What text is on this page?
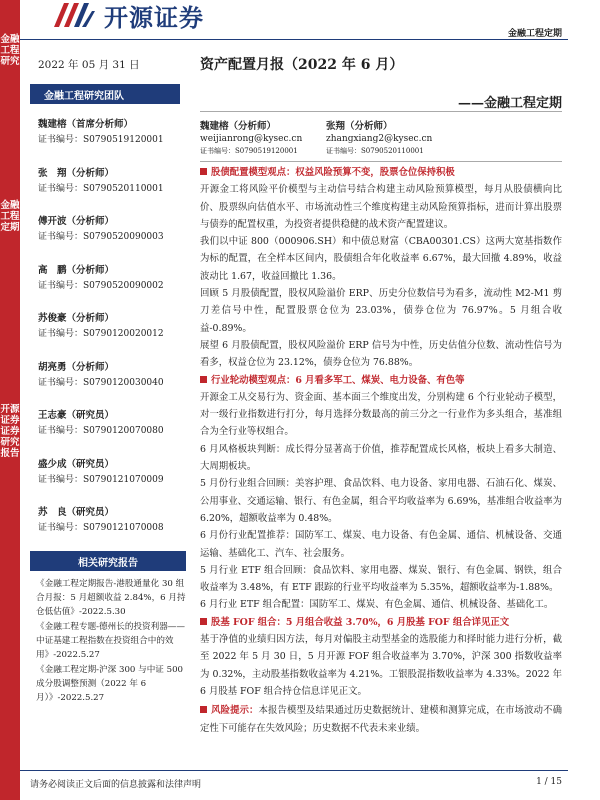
金融工程研究
金融工程定期
开源证券 证券研究报告
开源证券
金融工程定期
2022 年 05 月 31 日
金融工程研究团队
魏建榕（首席分析师）
证书编号：S0790519120001
张　翔（分析师）
证书编号：S0790520110001
傅开波（分析师）
证书编号：S0790520090003
高　鹏（分析师）
证书编号：S0790520090002
苏俊豪（分析师）
证书编号：S0790120020012
胡亮勇（分析师）
证书编号：S0790120030040
王志豪（研究员）
证书编号：S0790120070080
盛少成（研究员）
证书编号：S0790121070009
苏　良（研究员）
证书编号：S0790121070008
相关研究报告
《金融工程定期报告-港股通量化 30 组合月报：5 月超额收益 2.84%，6 月持仓低估值》-2022.5.30
《金融工程专题-德州长的投资利器——中证基建工程指数在投资组合中的效用》-2022.5.27
《金融工程定期-沪深 300 与中证 500 成分股调整预测（2022 年 6 月）》-2022.5.27
资产配置月报（2022 年 6 月）
——金融工程定期
魏建榕（分析师）
weijianrong@kysec.cn
证书编号：S0790519120001
张翔（分析师）
zhangxiang2@kysec.cn
证书编号：S0790520110001
股债配置模型观点：权益风险预算不变，股票仓位保持积极

开源金工将风险平价模型与主动信号结合构建主动风险预算模型，每月从股债横向比价、股票纵向估值水平、市场流动性三个维度构建主动风险预算指标，进而计算出股票与债券的配置权重，为投资者提供稳健的战术资产配置建议。

我们以中证 800（000906.SH）和中债总财富（CBA00301.CS）这两大宽基指数作为标的配置，在全样本区间内，股债组合年化收益率 6.67%，最大回撤 4.89%，收益波动比 1.67，收益回撤比 1.36。

回顾 5 月股债配置，股权风险溢价 ERP、历史分位数信号为看多，流动性 M2-M1 剪刀差信号中性，配置股票仓位为 23.03%，债券仓位为 76.97%。5 月组合收益-0.89%。

展望 6 月股债配置，股权风险溢价 ERP 信号为中性，历史估值分位数、流动性信号为看多，权益仓位为 23.12%，债券仓位为 76.88%。

行业轮动模型观点：6 月看多军工、煤炭、电力设备、有色等

开源金工从交易行为、资金面、基本面三个维度出发，分别构建 6 个行业轮动子模型，对一级行业指数进行打分，每月选择分数最高的前三分之一行业作为多头组合，基准组合为全行业等权组合。

6 月风格板块判断：成长得分显著高于价值，推荐配置成长风格，板块上看多大制造、大周期板块。

5 月份行业组合回顾：美容护理、食品饮料、电力设备、家用电器、石油石化、煤炭、公用事业、交通运输、银行、有色金属，组合平均收益率为 6.69%，基准组合收益率为 6.20%，超额收益率为 0.48%。

6 月份行业配置推荐：国防军工、煤炭、电力设备、有色金属、通信、机械设备、交通运输、基础化工、汽车、社会服务。

5 月行业 ETF 组合回顾：食品饮料、家用电器、煤炭、银行、有色金属、钢铁，组合收益率为 3.48%，有 ETF 跟踪的行业平均收益率为 5.35%，超额收益率为-1.88%。

6 月行业 ETF 组合配置：国防军工、煤炭、有色金属、通信、机械设备、基础化工。

股基 FOF 组合：5 月组合收益 3.70%，6 月股基 FOF 组合详见正文

基于净值的业绩归因方法，每月对偏股主动型基金的选股能力和择时能力进行分析，截至 2022 年 5 月 30 日，5 月开源 FOF 组合收益率为 3.70%，沪深 300 指数收益率为 0.32%，主动股基指数收益率为 4.21%。工银股混指数收益率为 4.33%。2022 年 6 月股基 FOF 组合持仓信息详见正文。

风险提示：本报告模型及结果通过历史数据统计、建模和测算完成，在市场波动不确定性下可能存在失效风险；历史数据不代表未来业绩。

请务必阅读正文后面的信息披露和法律声明	1 / 15
